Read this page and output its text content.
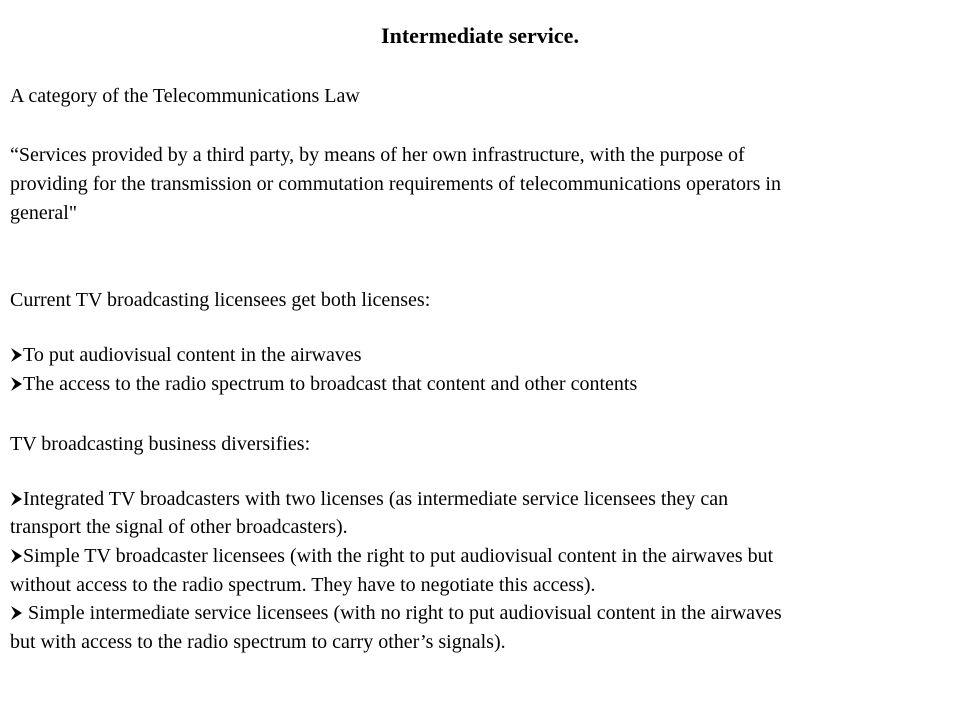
Intermediate service.
A category of the Telecommunications Law
“Services provided by a third party, by means of her own infrastructure, with the purpose of
providing for the transmission or commutation requirements of telecommunications operators in
general"
Current TV broadcasting licensees get both licenses:
To put audiovisual content in the airwaves
The access to the radio spectrum to broadcast that content and other contents
TV broadcasting business diversifies:
Integrated TV broadcasters with two licenses (as intermediate service licensees they can
transport the signal of other broadcasters).
Simple TV broadcaster licensees (with the right to put audiovisual content in the airwaves but
without access to the radio spectrum. They have to negotiate this access).
Simple intermediate service licensees (with no right to put audiovisual content in the airwaves
but with access to the radio spectrum to carry other’s signals).
